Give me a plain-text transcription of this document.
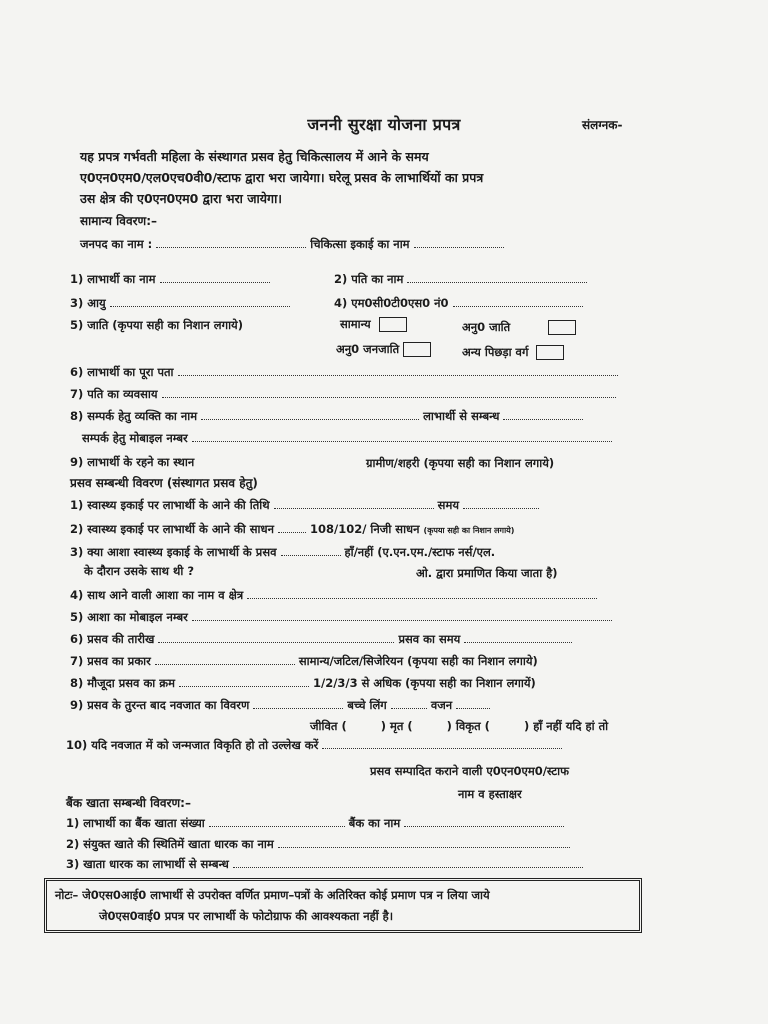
जननी सुरक्षा योजना प्रपत्र	संलग्नक-
यह प्रपत्र गर्भवती महिला के संस्थागत प्रसव हेतु चिकित्सालय में आने के समय
ए0एन0एम0/एल0एच0वी0/स्टाफ द्वारा भरा जायेगा। घरेलू प्रसव के लाभार्थियों का प्रपत्र
उस क्षेत्र की ए0एन0एम0 द्वारा भरा जायेगा।
सामान्य विवरण:–
जनपद का नाम :	चिकित्सा इकाई का नाम
1) लाभार्थी का नाम	2) पति का नाम
3) आयु	4) एम0सी0टी0एस0 नं0
5) जाति (कृपया सही का निशान लगाये)	सामान्य	अनु0 जाति
अनु0 जनजाति	अन्य पिछड़ा वर्ग
6) लाभार्थी का पूरा पता
7) पति का व्यवसाय
8) सम्पर्क हेतु व्यक्ति का नाम	लाभार्थी से सम्बन्ध
सम्पर्क हेतु मोबाइल नम्बर
9) लाभार्थी के रहने का स्थान	ग्रामीण/शहरी (कृपया सही का निशान लगाये)
प्रसव सम्बन्धी विवरण (संस्थागत प्रसव हेतु)
1) स्वास्थ्य इकाई पर लाभार्थी के आने की तिथि	समय
2) स्वास्थ्य इकाई पर लाभार्थी के आने की साधन	108/102/ निजी साधन (कृपया सही का निशान लगाये)
3) क्या आशा स्वास्थ्य इकाई के लाभार्थी के प्रसव	हाँ/नहीं (ए.एन.एम./स्टाफ नर्स/एल.
के दौरान उसके साथ थी ?	ओ. द्वारा प्रमाणित किया जाता है)
4) साथ आने वाली आशा का नाम व क्षेत्र
5) आशा का मोबाइल नम्बर
6) प्रसव की तारीख	प्रसव का समय
7) प्रसव का प्रकार	सामान्य/जटिल/सिजेरियन (कृपया सही का निशान लगाये)
8) मौजूदा प्रसव का क्रम	1/2/3/3 से अधिक (कृपया सही का निशान लगायें)
9) प्रसव के तुरन्त बाद नवजात का विवरण	बच्चे लिंग	वजन
जीवित (	) मृत (	) विकृत (	) हाँ नहीं यदि हां तो
10) यदि नवजात में को जन्मजात विकृति हो तो उल्लेख करें
प्रसव सम्पादित कराने वाली ए0एन0एम0/स्टाफ
नाम व हस्ताक्षर
बैंक खाता सम्बन्धी विवरण:–
1) लाभार्थी का बैंक खाता संख्या	बैंक का नाम
2) संयुक्त खाते की स्थितिमें खाता धारक का नाम
3) खाता धारक का लाभार्थी से सम्बन्ध
नोटः– जे0एस0आई0 लाभार्थी से उपरोक्त वर्णित प्रमाण–पत्रों के अतिरिक्त कोई प्रमाण पत्र न लिया जाये
जे0एस0वाई0 प्रपत्र पर लाभार्थी के फोटोग्राफ की आवश्यकता नहीं है।
